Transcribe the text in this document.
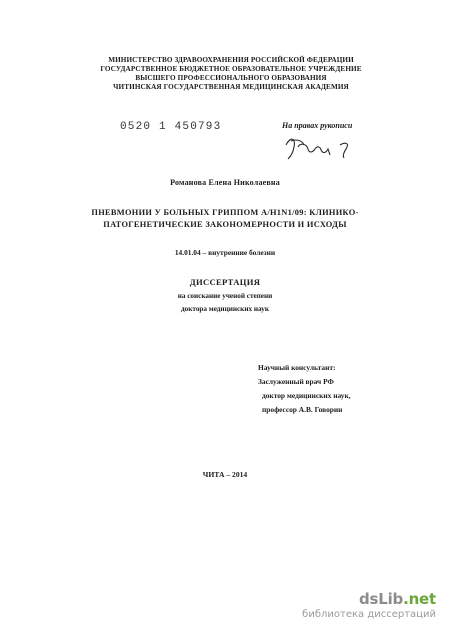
МИНИСТЕРСТВО ЗДРАВООХРАНЕНИЯ РОССИЙСКОЙ ФЕДЕРАЦИИ
ГОСУДАРСТВЕННОЕ БЮДЖЕТНОЕ ОБРАЗОВАТЕЛЬНОЕ УЧРЕЖДЕНИЕ
ВЫСШЕГО ПРОФЕССИОНАЛЬНОГО ОБРАЗОВАНИЯ
ЧИТИНСКАЯ ГОСУДАРСТВЕННАЯ МЕДИЦИНСКАЯ АКАДЕМИЯ
0520 1 450793	На правах рукописи
Романова Елена Николаевна
ПНЕВМОНИИ У БОЛЬНЫХ ГРИППОМ A/H1N1/09: КЛИНИКО-
ПАТОГЕНЕТИЧЕСКИЕ ЗАКОНОМЕРНОСТИ И ИСХОДЫ
14.01.04 – внутренние болезни
ДИССЕРТАЦИЯ
на соискание ученой степени
доктора медицинских наук
Научный консультант:
Заслуженный врач РФ
доктор медицинских наук,
профессор А.В. Говорин
ЧИТА – 2014
dsLib.net
библиотека диссертаций
